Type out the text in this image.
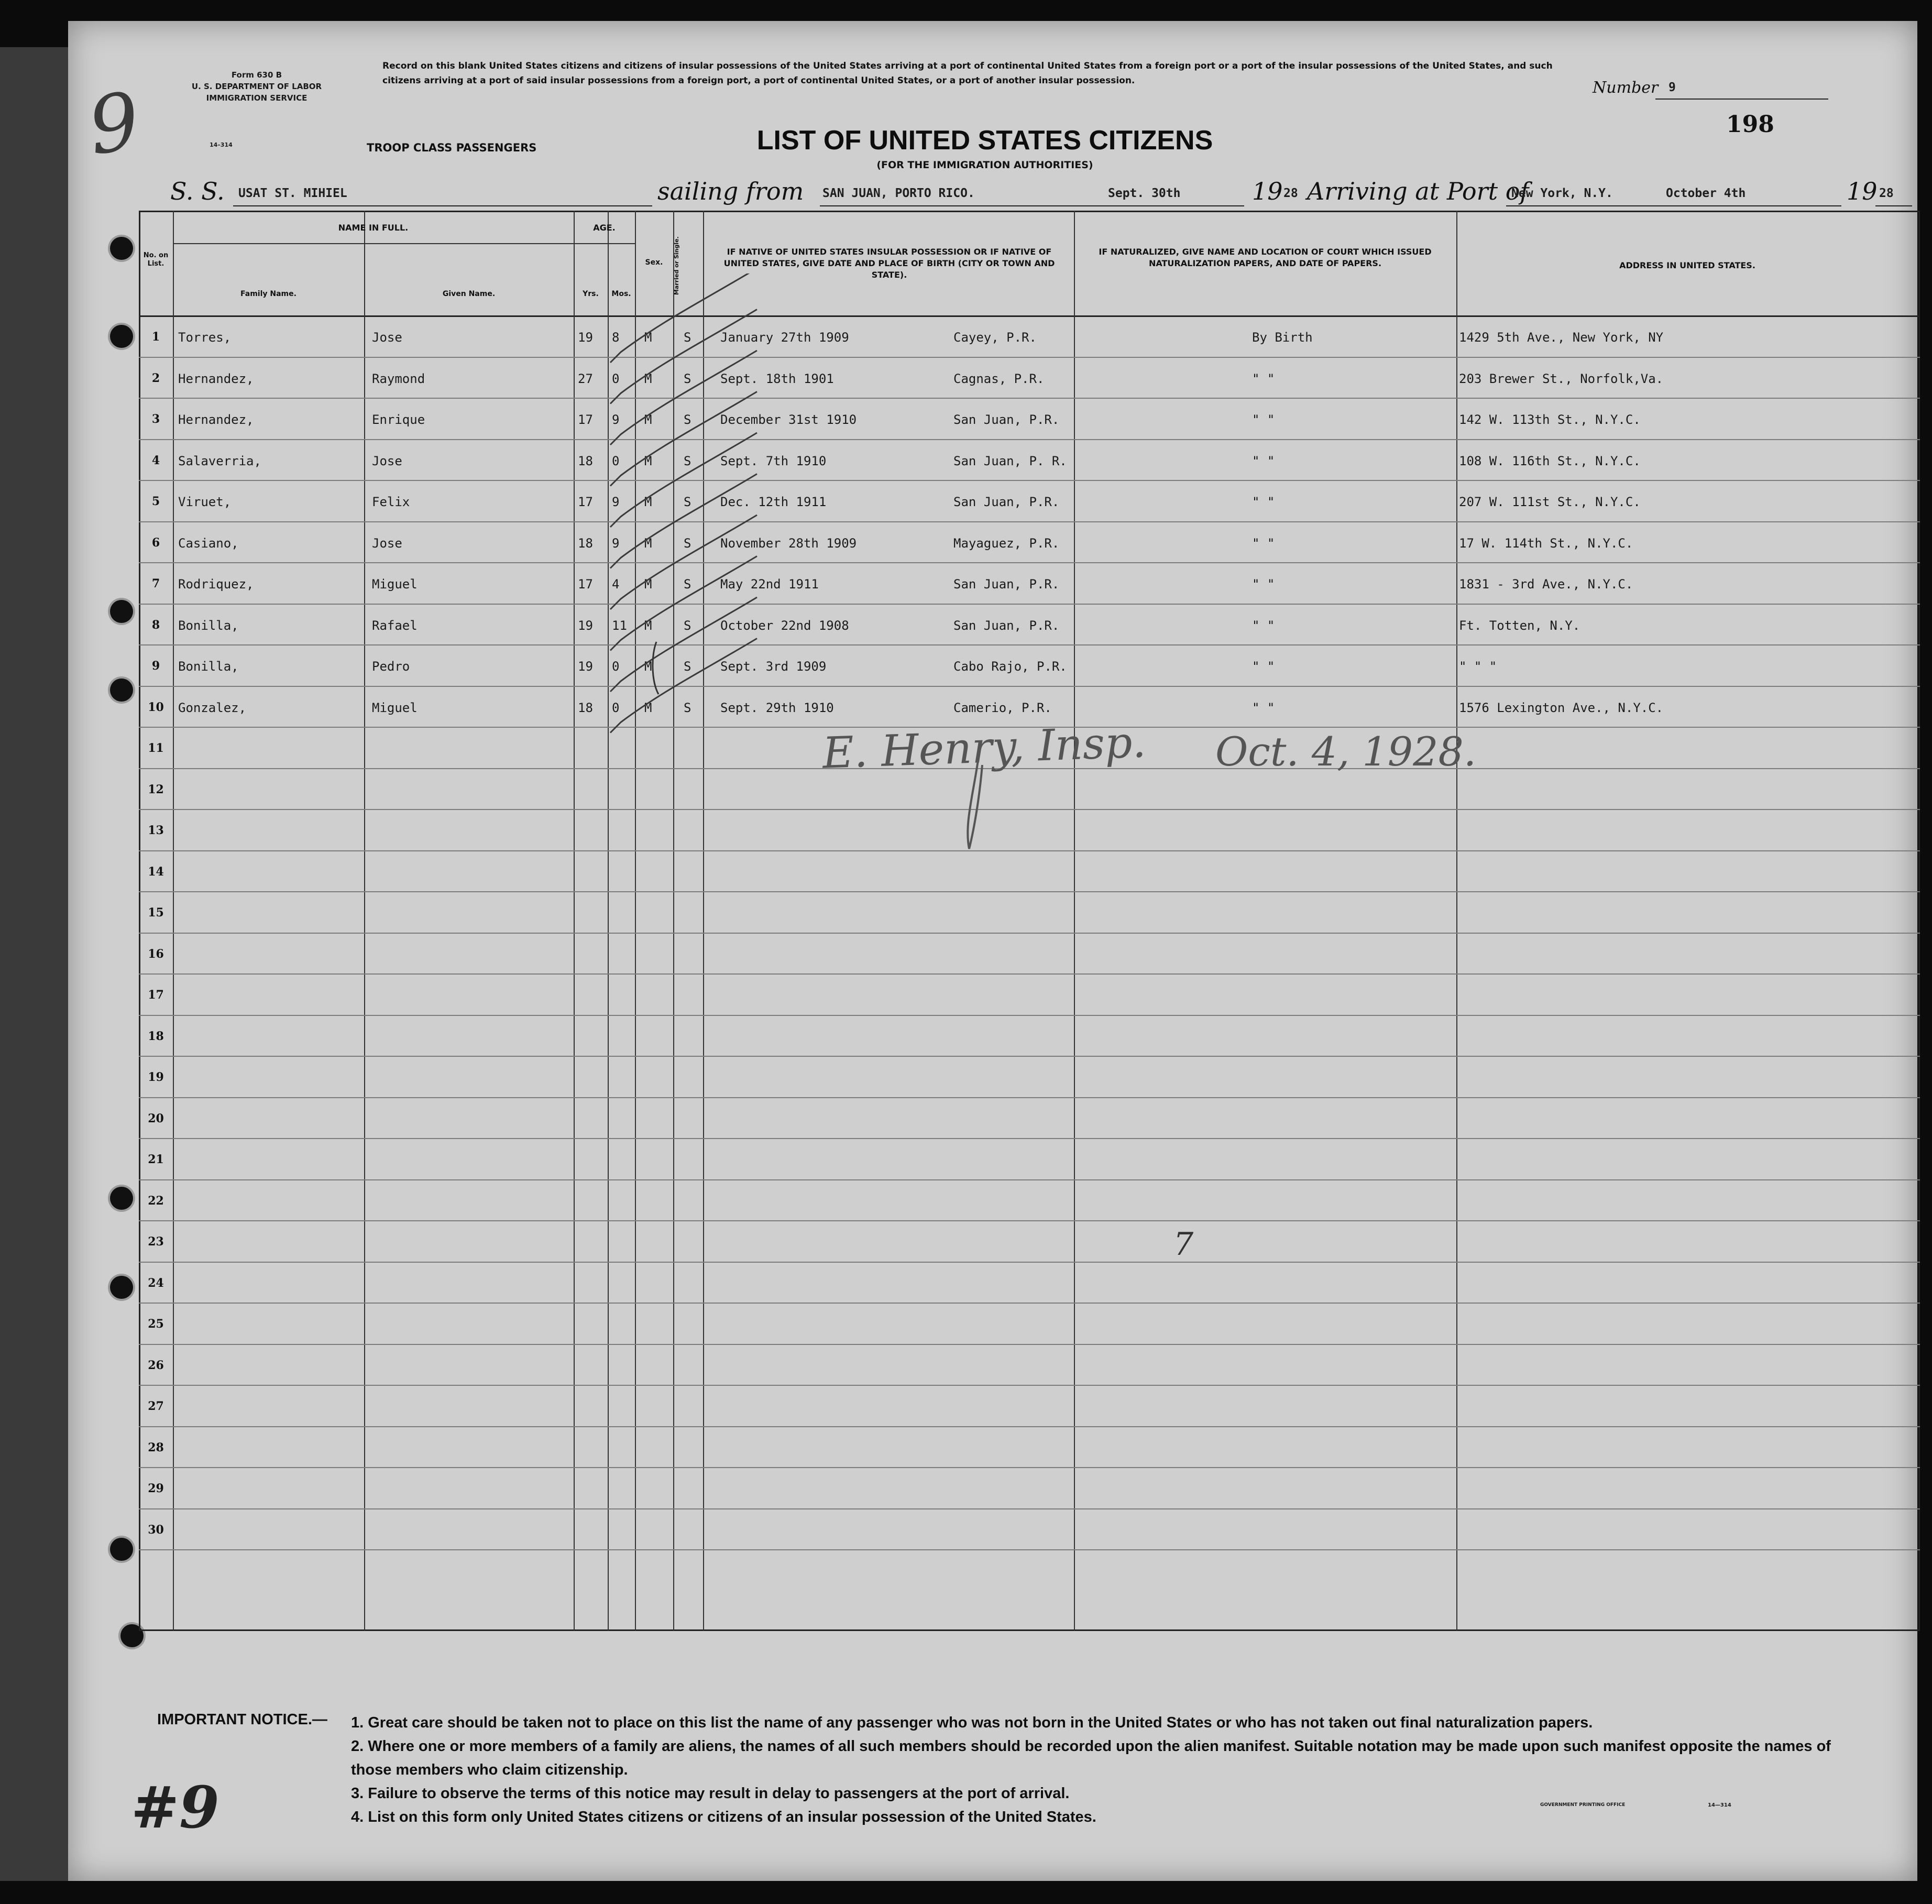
Form 630 B
U. S. DEPARTMENT OF LABOR
IMMIGRATION SERVICE
14–314
Record on this blank United States citizens and citizens of insular possessions of the United States arriving at a port of continental United States from a foreign port or a port of the insular possessions of the United States, and such citizens arriving at a port of said insular possessions from a foreign port, a port of continental United States, or a port of another insular possession.	Number 9
198
TROOP CLASS PASSENGERS	LIST OF UNITED STATES CITIZENS
(FOR THE IMMIGRATION AUTHORITIES)
S. S. USAT ST. MIHIEL	sailing from SAN JUAN, PORTO RICO.	Sept. 30th	19 28 Arriving at Port of
New York, N.Y.	October 4th	19 28
No. on List.
NAME IN FULL.
Family Name.	Given Name.
AGE.
Yrs.	Mos.
Sex.	Married or Single.	IF NATIVE OF UNITED STATES INSULAR POSSESSION OR IF NATIVE OF UNITED STATES, GIVE DATE AND PLACE OF BIRTH (CITY OR TOWN AND STATE).
IF NATURALIZED, GIVE NAME AND LOCATION OF COURT WHICH ISSUED NATURALIZATION PAPERS, AND DATE OF PAPERS.	ADDRESS IN UNITED STATES.
1	Torres,	Jose	19 8 M	S January 27th 1909	Cayey, P.R.	By Birth	1429 5th Ave., New York, NY
2	Hernandez,	Raymond	27 0 M	S Sept. 18th 1901	Cagnas, P.R.	" "	203 Brewer St., Norfolk,Va.
3	Hernandez,	Enrique	17 9 M	S December 31st 1910	San Juan, P.R.	" "	142 W. 113th St., N.Y.C.
4	Salaverria,	Jose	18 0 M	S Sept. 7th 1910	San Juan, P. R.	" "	108 W. 116th St., N.Y.C.
5	Viruet,	Felix	17 9 M	S Dec. 12th 1911	San Juan, P.R.	" "	207 W. 111st St., N.Y.C.
6	Casiano,	Jose	18 9 M	S November 28th 1909	Mayaguez, P.R.	" "	17 W. 114th St., N.Y.C.
7	Rodriquez,	Miguel	17 4 M	S May 22nd 1911	San Juan, P.R.	" "	1831 - 3rd Ave., N.Y.C.
8	Bonilla,	Rafael	19 11 M	S October 22nd 1908	San Juan, P.R.	" "	Ft. Totten, N.Y.
9	Bonilla,	Pedro	19 0 M	S Sept. 3rd 1909	Cabo Rajo, P.R.	" "	" " "
10	Gonzalez,	Miguel	18 0 M	S Sept. 29th 1910	Camerio, P.R.	" "	1576 Lexington Ave., N.Y.C.
11
12
13
14
15
16
17
18
19
20
21
22
23
24
25
26
27
28
29
30
9
E. Henry, Insp. Oct. 4, 1928.
7
#9
IMPORTANT NOTICE.— 1. Great care should be taken not to place on this list the name of any passenger who was not born in the United States or who has not taken out final naturalization papers.
2. Where one or more members of a family are aliens, the names of all such members should be recorded upon the alien manifest. Suitable notation may be made upon such manifest opposite the names of those members who claim citizenship.
3. Failure to observe the terms of this notice may result in delay to passengers at the port of arrival.
4. List on this form only United States citizens or citizens of an insular possession of the United States.
GOVERNMENT PRINTING OFFICE	14—314
